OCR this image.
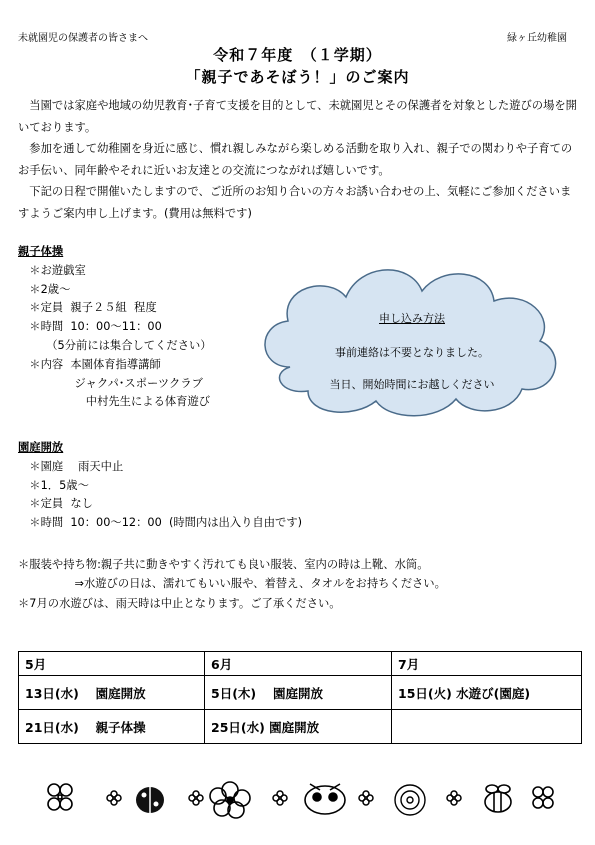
未就園児の保護者の皆さまへ	緑ヶ丘幼稚園
令和７年度　（１学期）
「親子であそぼう！」のご案内

当園では家庭や地域の幼児教育･子育て支援を目的として、未就園児とその保護者を対象とした遊びの場を開いております。

参加を通して幼稚園を身近に感じ、慣れ親しみながら楽しめる活動を取り入れ、親子での関わりや子育てのお手伝い、同年齢やそれに近いお友達との交流につながれば嬉しいです。

下記の日程で開催いたしますので、ご近所のお知り合いの方々お誘い合わせの上、気軽にご参加くださいますようご案内申し上げます。(費用は無料です)

親子体操
　＊お遊戯室
　＊2歳～
　＊定員  親子２５組  程度
　＊時間  10：00～11：00
　　　（5分前には集合してください）
　＊内容  本園体育指導講師
　　　　　ジャクパ･スポーツクラブ
　　　　　　中村先生による体育遊び
申し込み方法
事前連絡は不要となりました。
当日、開始時間にお越しください
園庭開放
　＊園庭　 雨天中止
　＊1．5歳～
　＊定員  なし
　＊時間  10：00～12：00  (時間内は出入り自由です)
＊服装や持ち物:親子共に動きやすく汚れても良い服装、室内の時は上靴、水筒。
　　　　　⇒水遊びの日は、濡れてもいい服や、着替え、タオルをお持ちください。
＊7月の水遊びは、雨天時は中止となります。ご了承ください。
5月	6月	7月
13日(水)　 園庭開放	5日(木)　 園庭開放	15日(火) 水遊び(園庭)
21日(水)　 親子体操	25日(水) 園庭開放	
